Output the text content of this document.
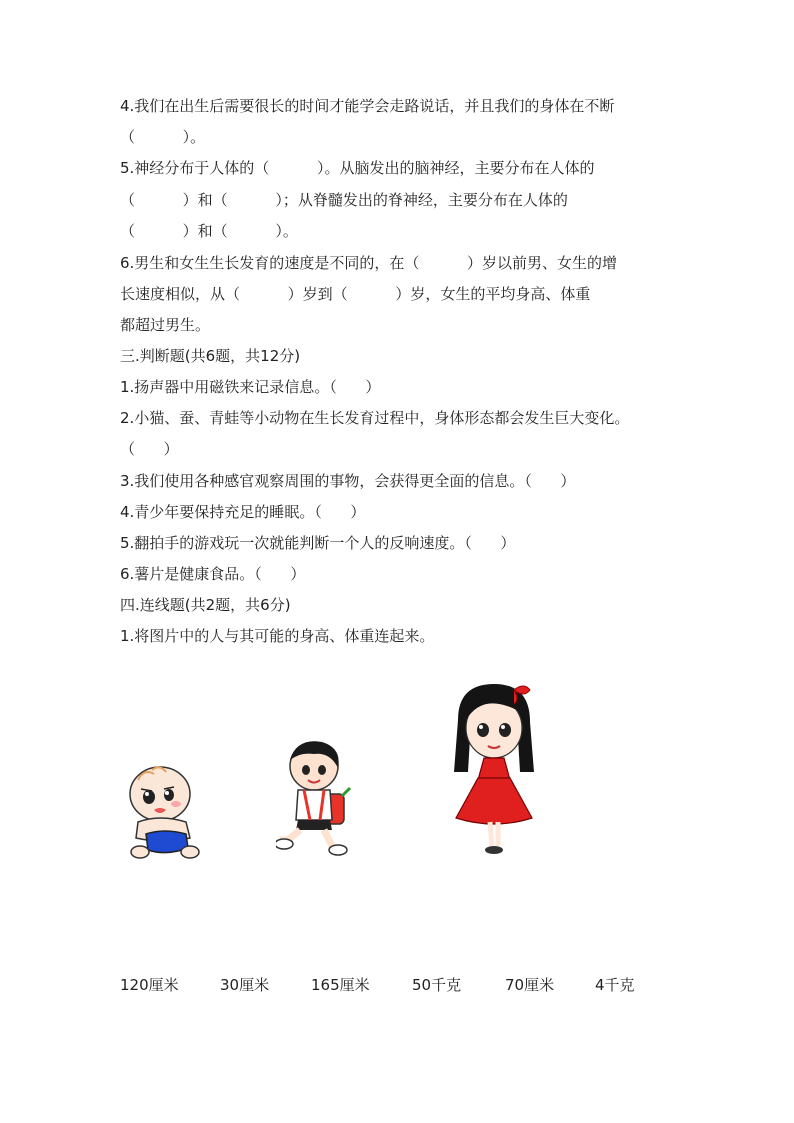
4.我们在出生后需要很长的时间才能学会走路说话，并且我们的身体在不断
（          ）。
5.神经分布于人体的（          ）。从脑发出的脑神经，主要分布在人体的
（          ）和（          ）；从脊髓发出的脊神经，主要分布在人体的
（          ）和（          ）。
6.男生和女生生长发育的速度是不同的，在（          ）岁以前男、女生的增
长速度相似，从（          ）岁到（          ）岁，女生的平均身高、体重
都超过男生。
三.判断题(共6题，共12分)
1.扬声器中用磁铁来记录信息。（      ）
2.小猫、蚕、青蛙等小动物在生长发育过程中，身体形态都会发生巨大变化。
（      ）
3.我们使用各种感官观察周围的事物，会获得更全面的信息。（      ）
4.青少年要保持充足的睡眠。（      ）
5.翻拍手的游戏玩一次就能判断一个人的反响速度。（      ）
6.薯片是健康食品。（      ）
四.连线题(共2题，共6分)
1.将图片中的人与其可能的身高、体重连起来。
120厘米	30厘米	165厘米	50千克	70厘米	4千克
